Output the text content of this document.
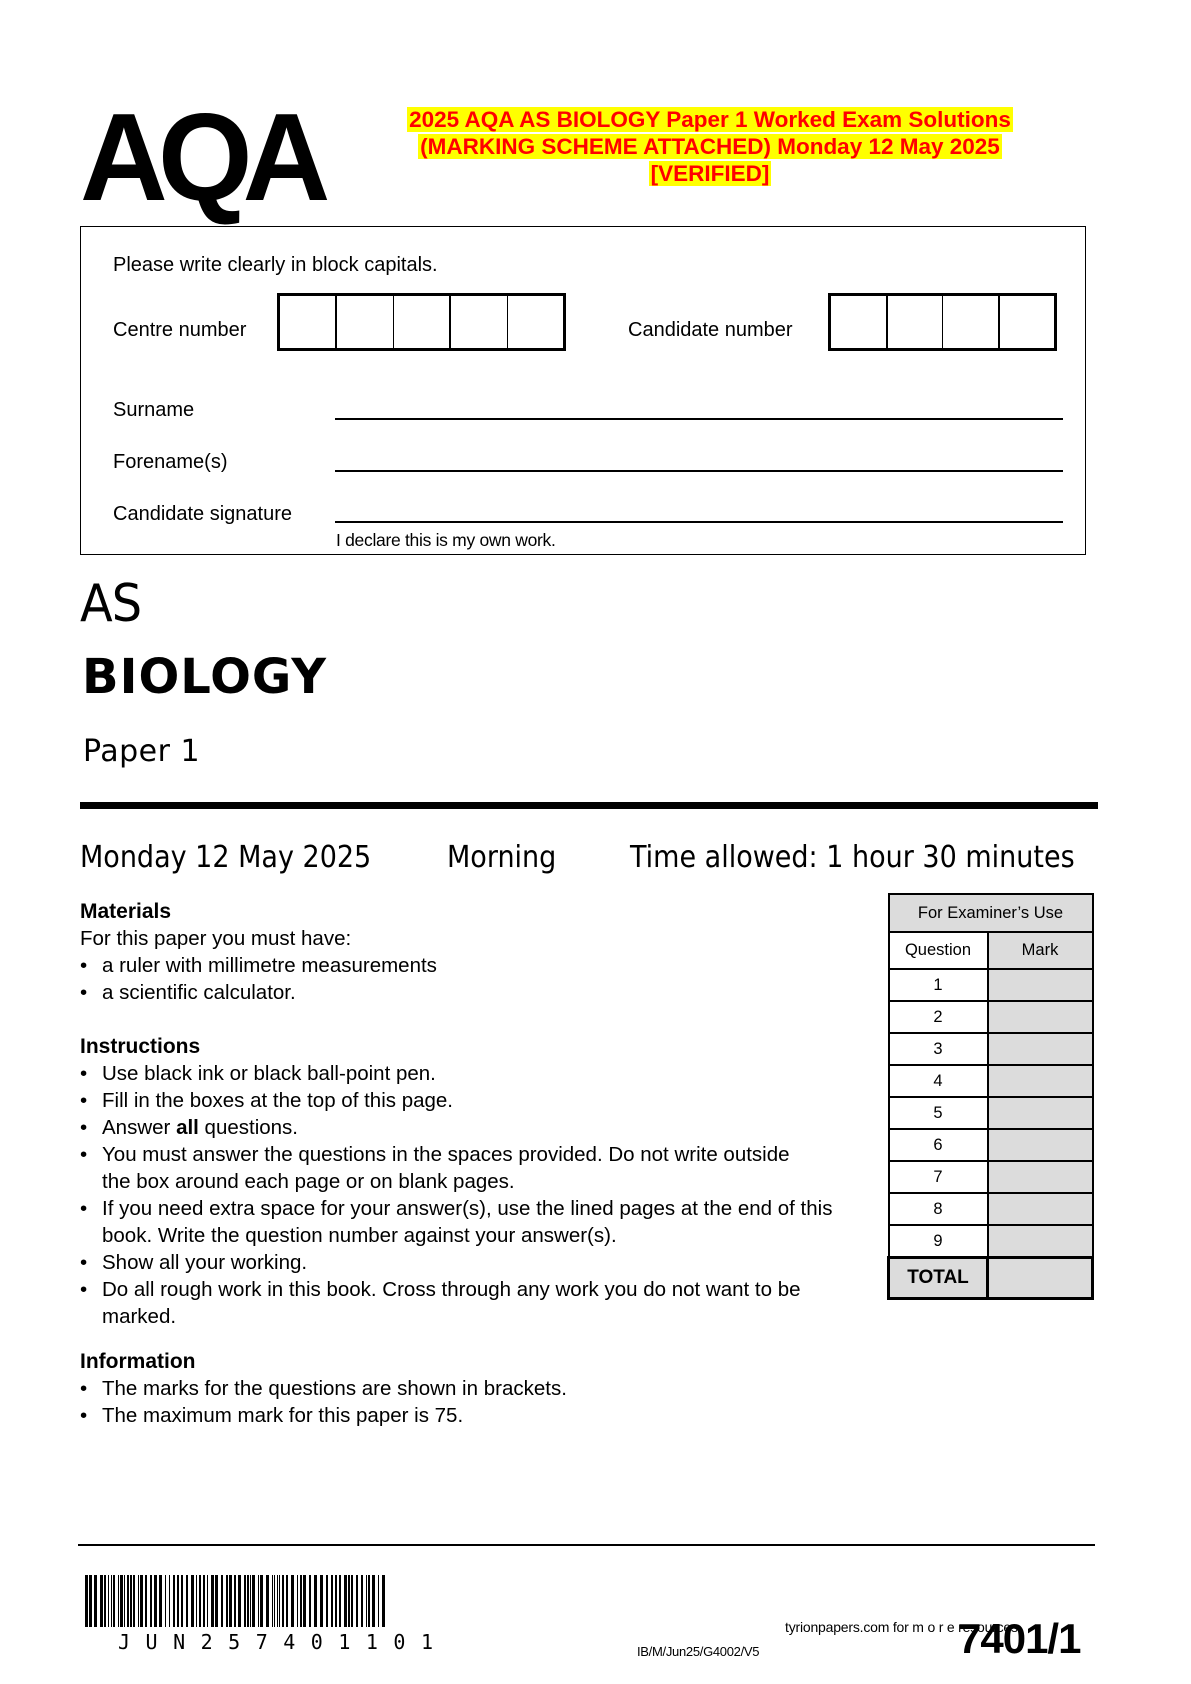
AQA	2025 AQA AS BIOLOGY Paper 1 Worked Exam Solutions
(MARKING SCHEME ATTACHED) Monday 12 May 2025
[VERIFIED]
Please write clearly in block capitals.
Centre number	Candidate number
Surname
Forename(s)
Candidate signature
I declare this is my own work.
AS
BIOLOGY
Paper 1
Monday 12 May 2025	Morning Time allowed: 1 hour 30 minutes
Materials
For this paper you must have:
• a ruler with millimetre measurements
• a scientific calculator.
Instructions
• Use black ink or black ball-point pen.
• Fill in the boxes at the top of this page.
• Answer all questions.
• You must answer the questions in the spaces provided. Do not write outside the box around each page or on blank pages.
• If you need extra space for your answer(s), use the lined pages at the end of this book. Write the question number against your answer(s).
• Show all your working.
• Do all rough work in this book. Cross through any work you do not want to be marked.
Information
• The marks for the questions are shown in brackets.
• The maximum mark for this paper is 75.
For Examiner’s Use	
Question	Mark
1	
2	
3	
4	
5	
6	
7	
8	
9	
TOTAL	
JUN257401101	IB/M/Jun25/G4002/V5
tyrionpapers.com for m o r e resources
7401/1
